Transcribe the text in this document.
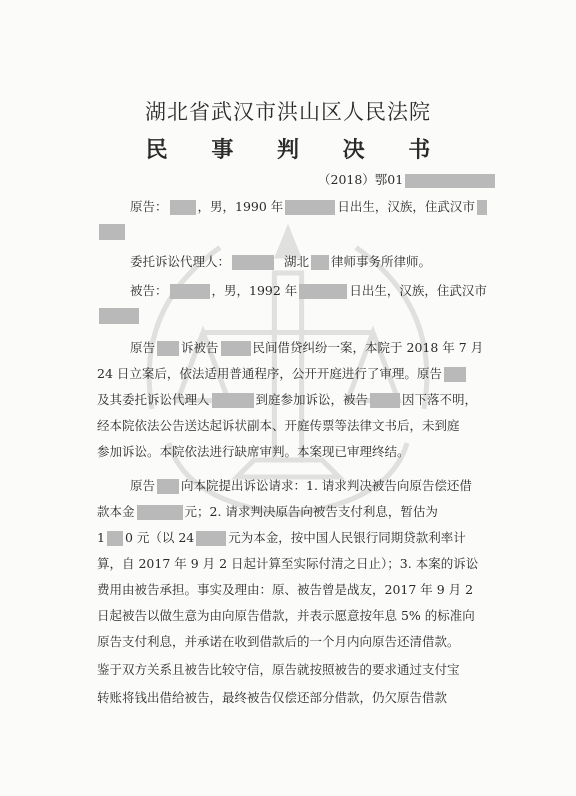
湖北省武汉市洪山区人民法院
民 事 判 决 书
（2018）鄂01
原告： ，男，1990 年	日出生，汉族，住武汉市
委托诉讼代理人：	湖北 律师事务所律师。
被告：	，男，1992 年	日出生，汉族，住武汉市
原告 诉被告	民间借贷纠纷一案，本院于 2018 年 7 月
24 日立案后，依法适用普通程序，公开开庭进行了审理。原告
及其委托诉讼代理人	到庭参加诉讼，被告	因下落不明，
经本院依法公告送达起诉状副本、开庭传票等法律文书后，未到庭
参加诉讼。本院依法进行缺席审判。本案现已审理终结。
原告 向本院提出诉讼请求：1. 请求判决被告向原告偿还借
款本金	元；2. 请求判决原告向被告支付利息，暂估为
1 0 元（以 24	元为本金，按中国人民银行同期贷款利率计
算，自 2017 年 9 月 2 日起计算至实际付清之日止）；3. 本案的诉讼
费用由被告承担。事实及理由：原、被告曾是战友，2017 年 9 月 2
日起被告以做生意为由向原告借款，并表示愿意按年息 5% 的标准向
原告支付利息，并承诺在收到借款后的一个月内向原告还清借款。
鉴于双方关系且被告比较守信，原告就按照被告的要求通过支付宝
转账将钱出借给被告，最终被告仅偿还部分借款，仍欠原告借款
